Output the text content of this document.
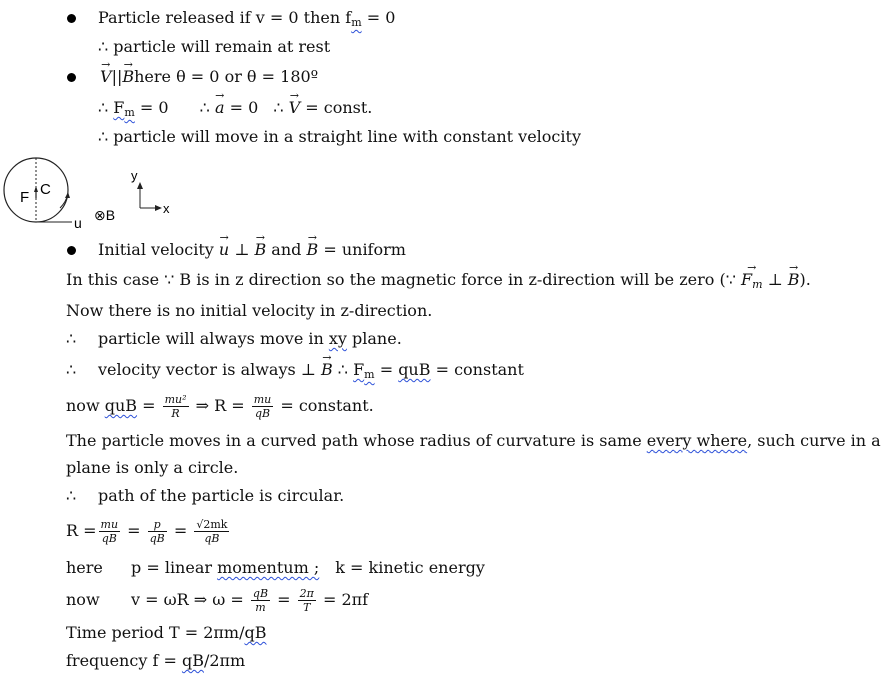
Particle released if v = 0 then $f_m = 0$
∴ particle will remain at rest
→ V||→ Bhere θ = 0 or θ = 180º
∴ $F_m = 0$ ∴ → a = 0 ∴ → V = const.
∴ particle will move in a straight line with constant velocity
F C
u ⊗B
y
x
Initial velocity → u ⊥ → B and → B = uniform
In this case ∵ B is in z direction so the magnetic force in z-direction will be zero (∵ → $F_m$ ⊥ → B).
Now there is no initial velocity in z-direction.
∴ particle will always move in xy plane.
∴ velocity vector is always ⊥ → B ∴ $F_m$ = quB = constant
now quB = $\frac{\text{mu²}}{R}$ ⇒ $R = \frac{mu}{qB}$ = constant.
The particle moves in a curved path whose radius of curvature is same every where, such curve in a
plane is only a circle.
∴ path of the particle is circular.
$R = \frac{mu}{qB} = \frac{p}{qB} = \frac{√2mk}{qB}$
here p = linear momentum ; k = kinetic energy
now v = ωR ⇒ $\omega = \frac{qB}{m} = \frac{2\pi}{T} = 2\pi f$
Time period T = 2πm/qB
frequency f = qB/2πm
